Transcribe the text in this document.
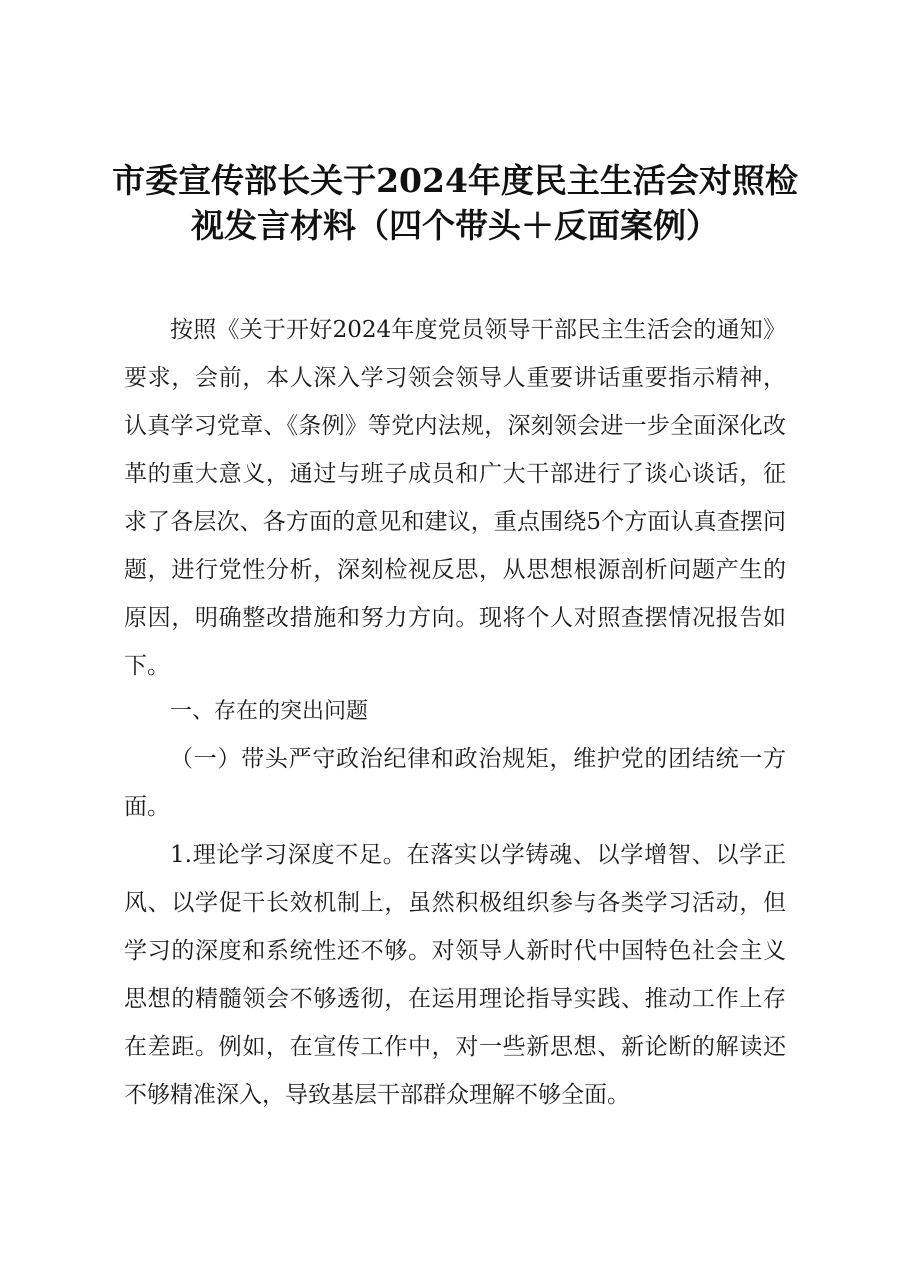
市委宣传部长关于2024年度民主生活会对照检视发言材料（四个带头＋反面案例）

按照《关于开好2024年度党员领导干部民主生活会的通知》要求，会前，本人深入学习领会领导人重要讲话重要指示精神，认真学习党章、《条例》等党内法规，深刻领会进一步全面深化改革的重大意义，通过与班子成员和广大干部进行了谈心谈话，征求了各层次、各方面的意见和建议，重点围绕5个方面认真查摆问题，进行党性分析，深刻检视反思，从思想根源剖析问题产生的原因，明确整改措施和努力方向。现将个人对照查摆情况报告如下。

一、存在的突出问题

（一）带头严守政治纪律和政治规矩，维护党的团结统一方面。

1.理论学习深度不足。在落实以学铸魂、以学增智、以学正风、以学促干长效机制上，虽然积极组织参与各类学习活动，但学习的深度和系统性还不够。对领导人新时代中国特色社会主义思想的精髓领会不够透彻，在运用理论指导实践、推动工作上存在差距。例如，在宣传工作中，对一些新思想、新论断的解读还不够精准深入，导致基层干部群众理解不够全面。
